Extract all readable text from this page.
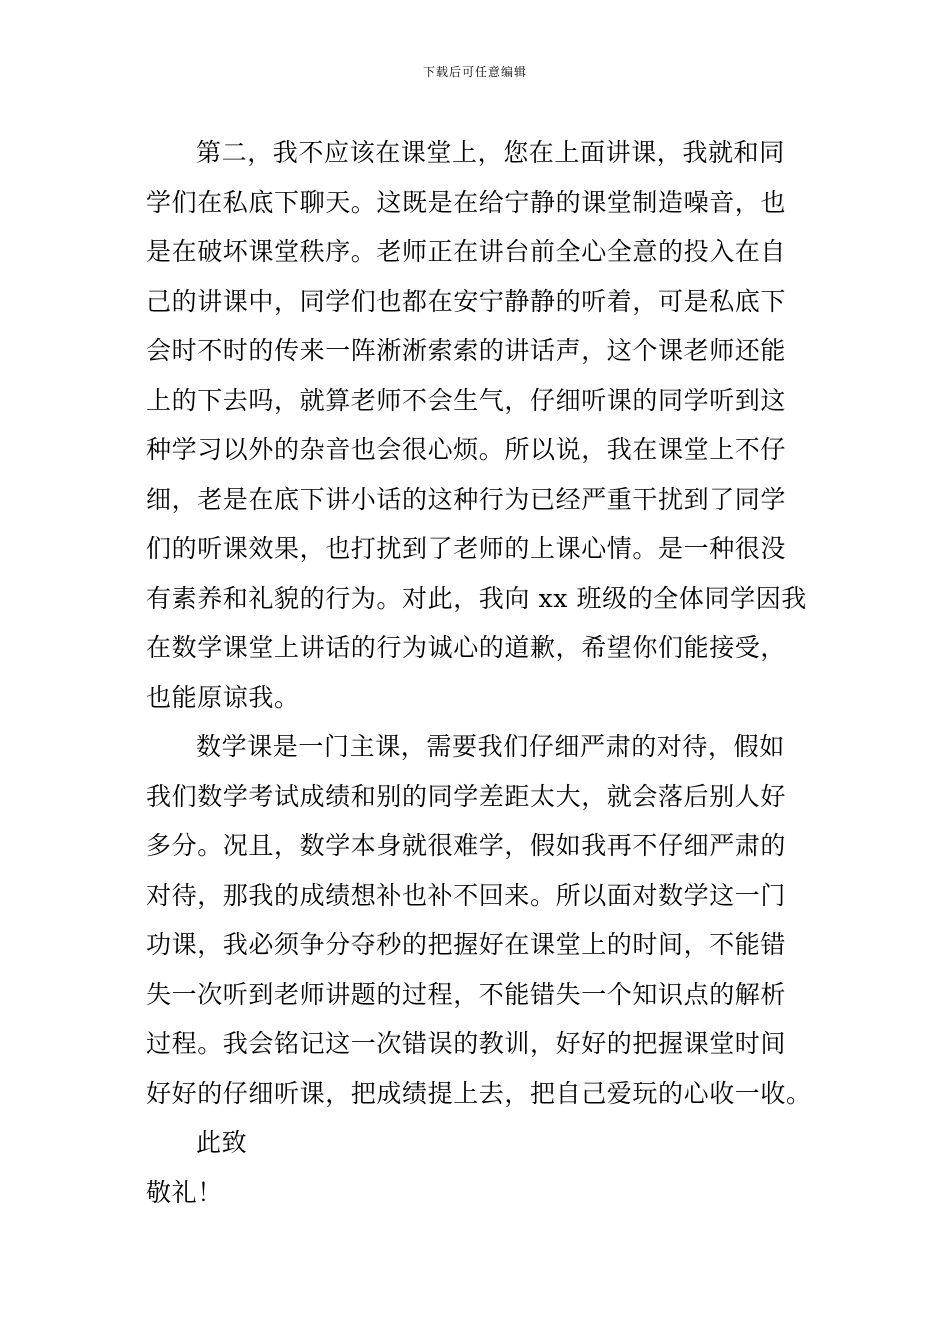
下载后可任意编辑
第二，我不应该在课堂上，您在上面讲课，我就和同
学们在私底下聊天。这既是在给宁静的课堂制造噪音，也
是在破坏课堂秩序。老师正在讲台前全心全意的投入在自
己的讲课中，同学们也都在安宁静静的听着，可是私底下
会时不时的传来一阵淅淅索索的讲话声，这个课老师还能
上的下去吗，就算老师不会生气，仔细听课的同学听到这
种学习以外的杂音也会很心烦。所以说，我在课堂上不仔
细，老是在底下讲小话的这种行为已经严重干扰到了同学
们的听课效果，也打扰到了老师的上课心情。是一种很没
有素养和礼貌的行为。对此，我向 xx 班级的全体同学因我
在数学课堂上讲话的行为诚心的道歉，希望你们能接受，
也能原谅我。
数学课是一门主课，需要我们仔细严肃的对待，假如
我们数学考试成绩和别的同学差距太大，就会落后别人好
多分。况且，数学本身就很难学，假如我再不仔细严肃的
对待，那我的成绩想补也补不回来。所以面对数学这一门
功课，我必须争分夺秒的把握好在课堂上的时间，不能错
失一次听到老师讲题的过程，不能错失一个知识点的解析
过程。我会铭记这一次错误的教训，好好的把握课堂时间
好好的仔细听课，把成绩提上去，把自己爱玩的心收一收。
此致
敬礼！
